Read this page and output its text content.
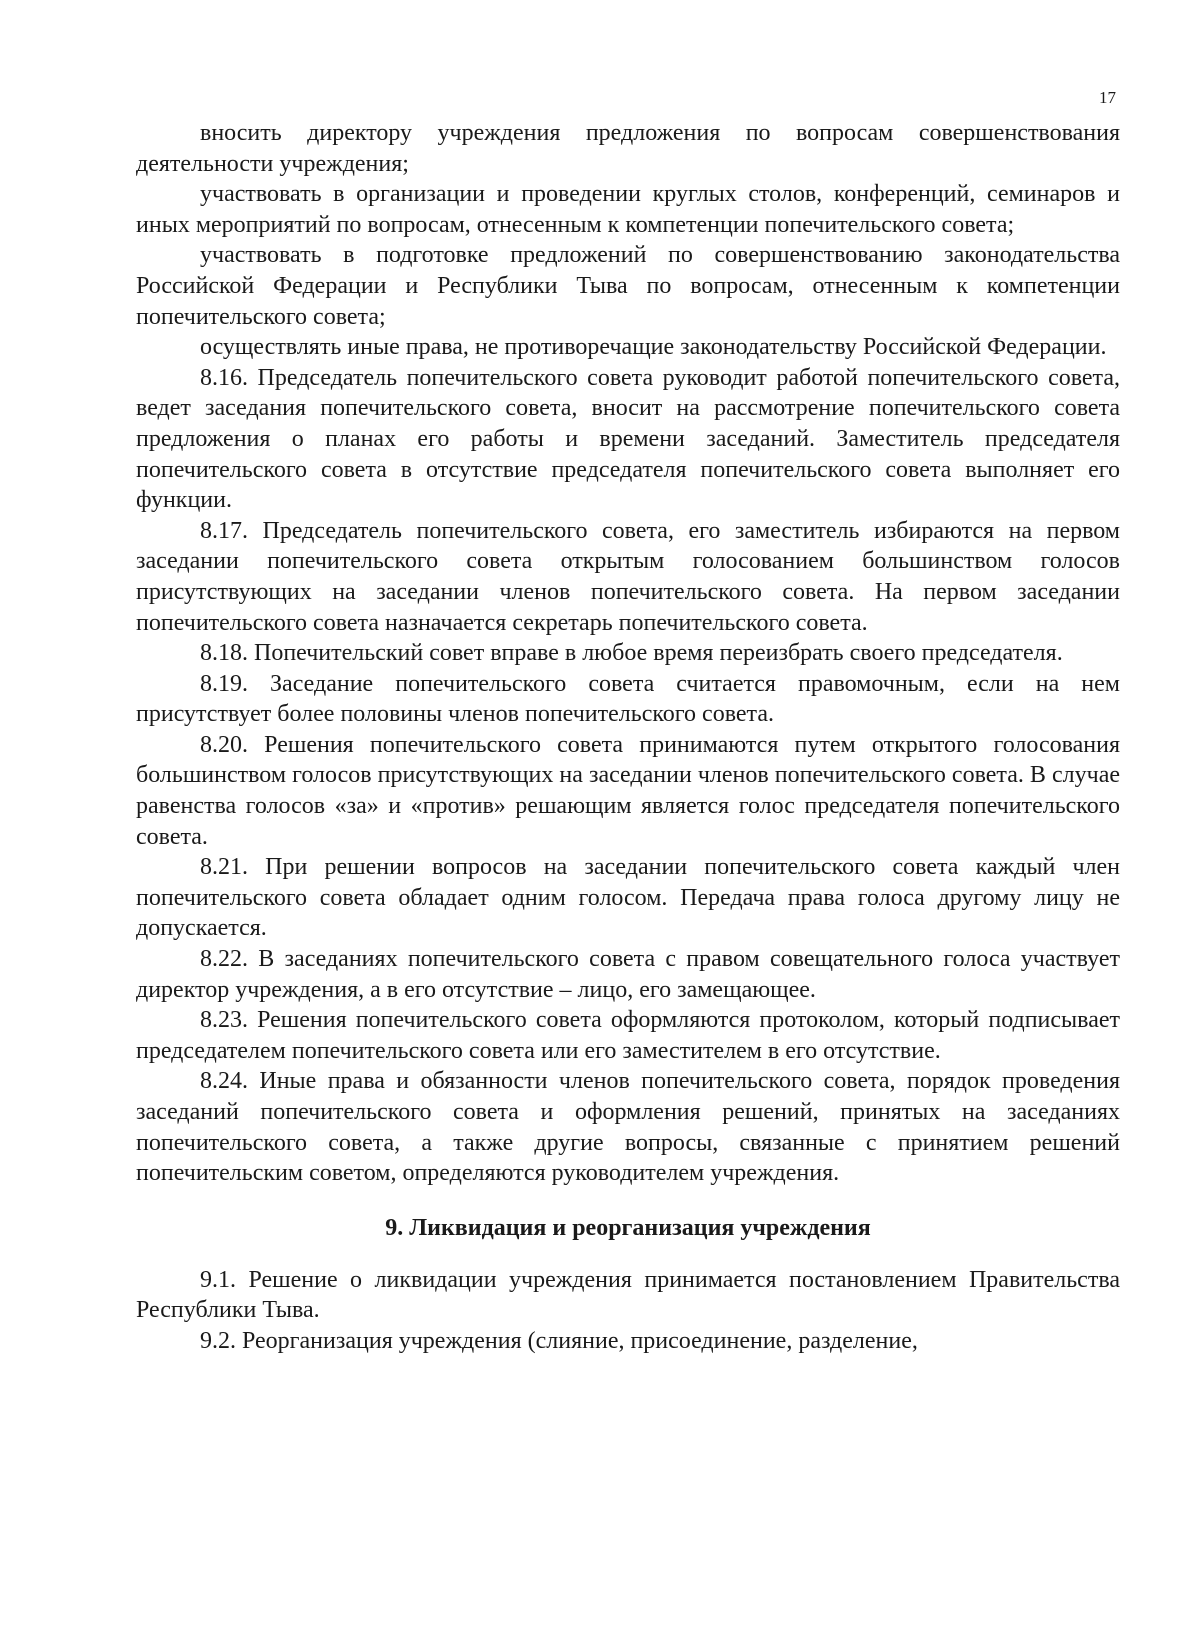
17

вносить директору учреждения предложения по вопросам совершенствования деятельности учреждения;

участвовать в организации и проведении круглых столов, конференций, семинаров и иных мероприятий по вопросам, отнесенным к компетенции попечительского совета;

участвовать в подготовке предложений по совершенствованию законодательства Российской Федерации и Республики Тыва по вопросам, отнесенным к компетенции попечительского совета;

осуществлять иные права, не противоречащие законодательству Российской Федерации.

8.16. Председатель попечительского совета руководит работой попечительского совета, ведет заседания попечительского совета, вносит на рассмотрение попечительского совета предложения о планах его работы и времени заседаний. Заместитель председателя попечительского совета в отсутствие председателя попечительского совета выполняет его функции.

8.17. Председатель попечительского совета, его заместитель избираются на первом заседании попечительского совета открытым голосованием большинством голосов присутствующих на заседании членов попечительского совета. На первом заседании попечительского совета назначается секретарь попечительского совета.

8.18. Попечительский совет вправе в любое время переизбрать своего председателя.

8.19. Заседание попечительского совета считается правомочным, если на нем присутствует более половины членов попечительского совета.

8.20. Решения попечительского совета принимаются путем открытого голосования большинством голосов присутствующих на заседании членов попечительского совета. В случае равенства голосов «за» и «против» решающим является голос председателя попечительского совета.

8.21. При решении вопросов на заседании попечительского совета каждый член попечительского совета обладает одним голосом. Передача права голоса другому лицу не допускается.

8.22. В заседаниях попечительского совета с правом совещательного голоса участвует директор учреждения, а в его отсутствие – лицо, его замещающее.

8.23. Решения попечительского совета оформляются протоколом, который подписывает председателем попечительского совета или его заместителем в его отсутствие.

8.24. Иные права и обязанности членов попечительского совета, порядок проведения заседаний попечительского совета и оформления решений, принятых на заседаниях попечительского совета, а также другие вопросы, связанные с принятием решений попечительским советом, определяются руководителем учреждения.

9. Ликвидация и реорганизация учреждения

9.1. Решение о ликвидации учреждения принимается постановлением Правительства Республики Тыва.

9.2. Реорганизация учреждения (слияние, присоединение, разделение,
